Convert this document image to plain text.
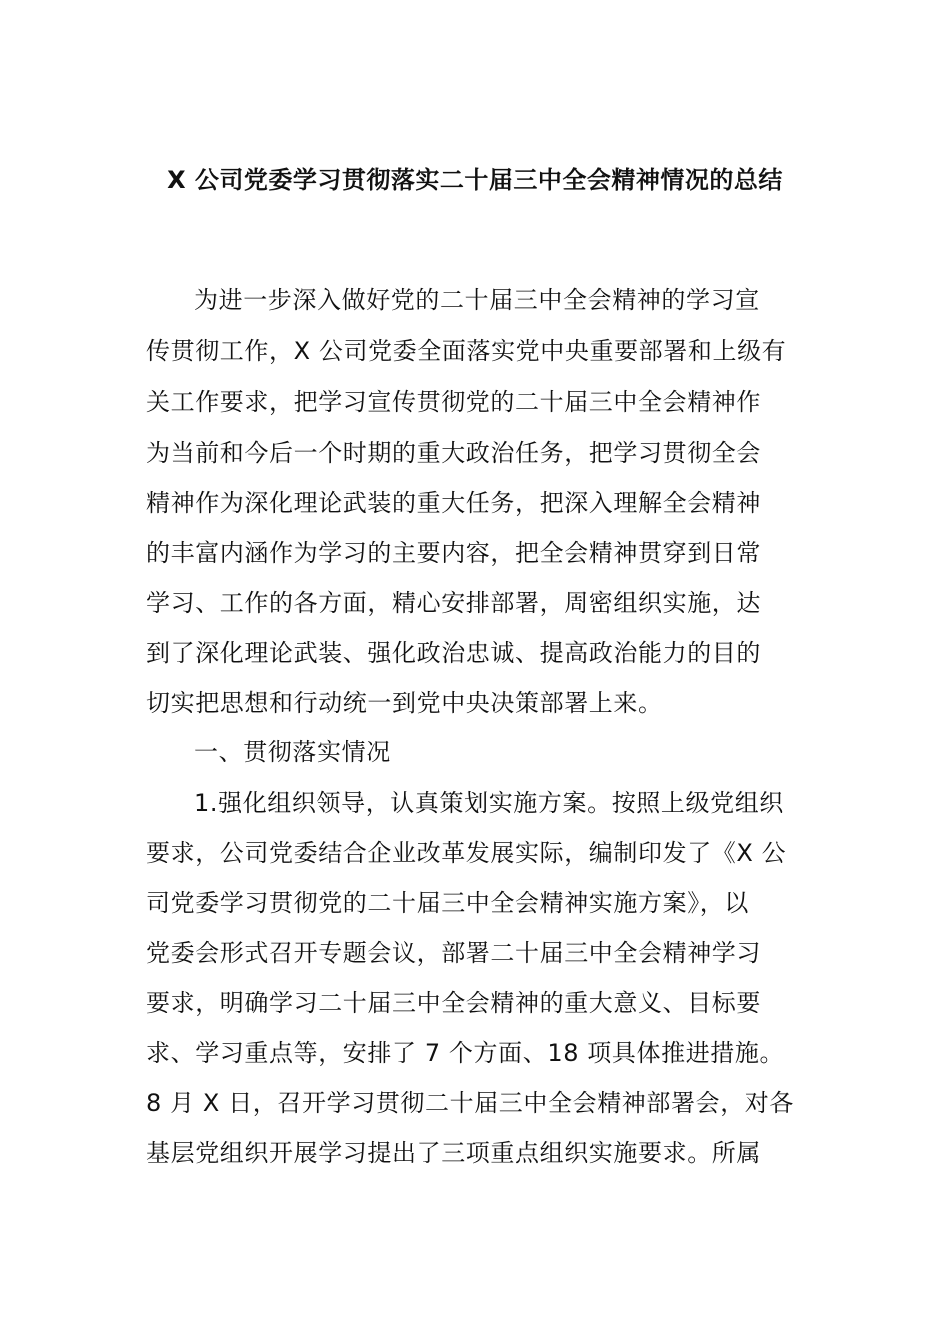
X 公司党委学习贯彻落实二十届三中全会精神情况的总结
为进一步深入做好党的二十届三中全会精神的学习宣
传贯彻工作，X 公司党委全面落实党中央重要部署和上级有
关工作要求，把学习宣传贯彻党的二十届三中全会精神作
为当前和今后一个时期的重大政治任务，把学习贯彻全会
精神作为深化理论武装的重大任务，把深入理解全会精神
的丰富内涵作为学习的主要内容，把全会精神贯穿到日常
学习、工作的各方面，精心安排部署，周密组织实施，达
到了深化理论武装、强化政治忠诚、提高政治能力的目的
切实把思想和行动统一到党中央决策部署上来。
一、贯彻落实情况
1.强化组织领导，认真策划实施方案。按照上级党组织
要求，公司党委结合企业改革发展实际，编制印发了《X 公
司党委学习贯彻党的二十届三中全会精神实施方案》，以
党委会形式召开专题会议，部署二十届三中全会精神学习
要求，明确学习二十届三中全会精神的重大意义、目标要
求、学习重点等，安排了 7 个方面、18 项具体推进措施。
8 月 X 日，召开学习贯彻二十届三中全会精神部署会，对各
基层党组织开展学习提出了三项重点组织实施要求。所属
